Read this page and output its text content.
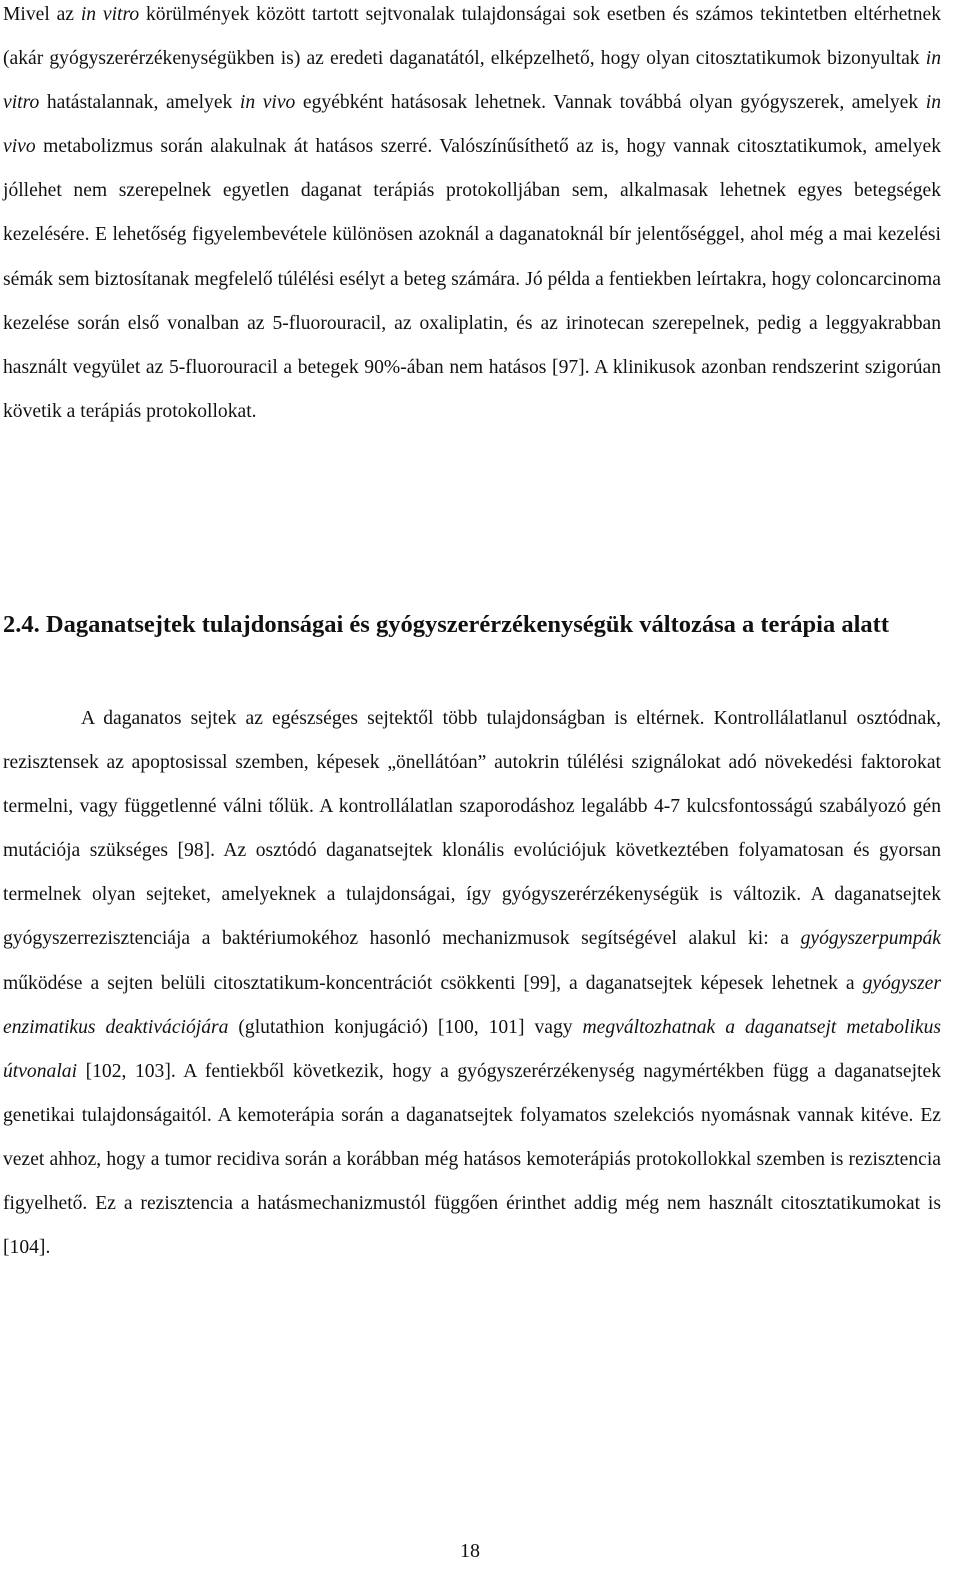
Mivel az in vitro körülmények között tartott sejtvonalak tulajdonságai sok esetben és számos tekintetben eltérhetnek (akár gyógyszerérzékenységükben is) az eredeti daganatától, elképzelhető, hogy olyan citosztatikumok bizonyultak in vitro hatástalannak, amelyek in vivo egyébként hatásosak lehetnek. Vannak továbbá olyan gyógyszerek, amelyek in vivo metabolizmus során alakulnak át hatásos szerré. Valószínűsíthető az is, hogy vannak citosztatikumok, amelyek jóllehet nem szerepelnek egyetlen daganat terápiás protokolljában sem, alkalmasak lehetnek egyes betegségek kezelésére. E lehetőség figyelembevétele különösen azoknál a daganatoknál bír jelentőséggel, ahol még a mai kezelési sémák sem biztosítanak megfelelő túlélési esélyt a beteg számára. Jó példa a fentiekben leírtakra, hogy coloncarcinoma kezelése során első vonalban az 5-fluorouracil, az oxaliplatin, és az irinotecan szerepelnek, pedig a leggyakrabban használt vegyület az 5-fluorouracil a betegek 90%-ában nem hatásos [97]. A klinikusok azonban rendszerint szigorúan követik a terápiás protokollokat.

2.4. Daganatsejtek tulajdonságai és gyógyszerérzékenységük változása a terápia alatt

A daganatos sejtek az egészséges sejtektől több tulajdonságban is eltérnek. Kontrollálatlanul osztódnak, rezisztensek az apoptosissal szemben, képesek „önellátóan” autokrin túlélési szignálokat adó növekedési faktorokat termelni, vagy függetlenné válni tőlük. A kontrollálatlan szaporodáshoz legalább 4-7 kulcsfontosságú szabályozó gén mutációja szükséges [98]. Az osztódó daganatsejtek klonális evolúciójuk következtében folyamatosan és gyorsan termelnek olyan sejteket, amelyeknek a tulajdonságai, így gyógyszerérzékenységük is változik. A daganatsejtek gyógyszerrezisztenciája a baktériumokéhoz hasonló mechanizmusok segítségével alakul ki: a gyógyszerpumpák működése a sejten belüli citosztatikum-koncentrációt csökkenti [99], a daganatsejtek képesek lehetnek a gyógyszer enzimatikus deaktivációjára (glutathion konjugáció) [100, 101] vagy megváltozhatnak a daganatsejt metabolikus útvonalai [102, 103]. A fentiekből következik, hogy a gyógyszerérzékenység nagymértékben függ a daganatsejtek genetikai tulajdonságaitól. A kemoterápia során a daganatsejtek folyamatos szelekciós nyomásnak vannak kitéve. Ez vezet ahhoz, hogy a tumor recidiva során a korábban még hatásos kemoterápiás protokollokkal szemben is rezisztencia figyelhető. Ez a rezisztencia a hatásmechanizmustól függően érinthet addig még nem használt citosztatikumokat is [104].

18
